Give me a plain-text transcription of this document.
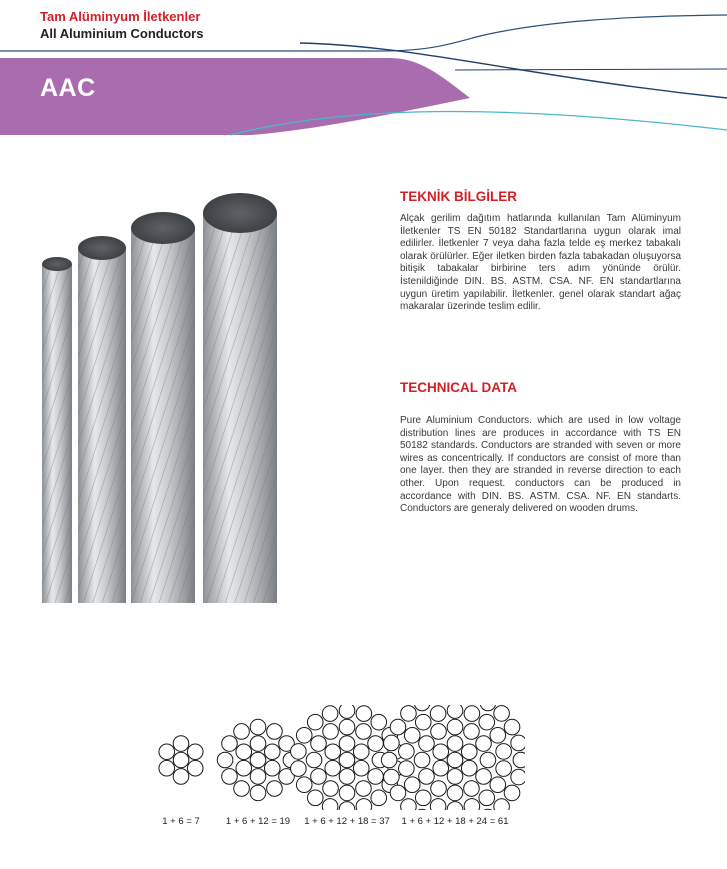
Tam Alüminyum İletkenler
All Aluminium Conductors
AAC
TEKNİK BİLGİLER
Alçak gerilim dağıtım hatlarında kullanılan Tam Alüminyum İletkenler TS EN 50182 Standartlarına uygun olarak imal edilirler. İletkenler 7 veya daha fazla telde eş merkez tabakalı olarak örülürler. Eğer iletken birden fazla tabakadan oluşuyorsa bitişik tabakalar birbirine ters adım yönünde örülür. İstenildiğinde DIN. BS. ASTM. CSA. NF. EN standartlarına uygun üretim yapılabilir. İletkenler. genel olarak standart ağaç makaralar üzerinde teslim edilir.
TECHNICAL DATA
Pure Aluminium Conductors. which are used in low voltage distribution lines are produces in accordance with TS EN 50182 standards. Conductors are stranded with seven or more wires as concentrically. If conductors are consist of more than one layer. then they are stranded in reverse direction to each other. Upon request. conductors can be produced in accordance with DIN. BS. ASTM. CSA. NF. EN standarts. Conductors are generaly delivered on wooden drums.
1 + 6 = 7	1 + 6 + 12 = 19 1 + 6 + 12 + 18 = 37 1 + 6 + 12 + 18 + 24 = 61
